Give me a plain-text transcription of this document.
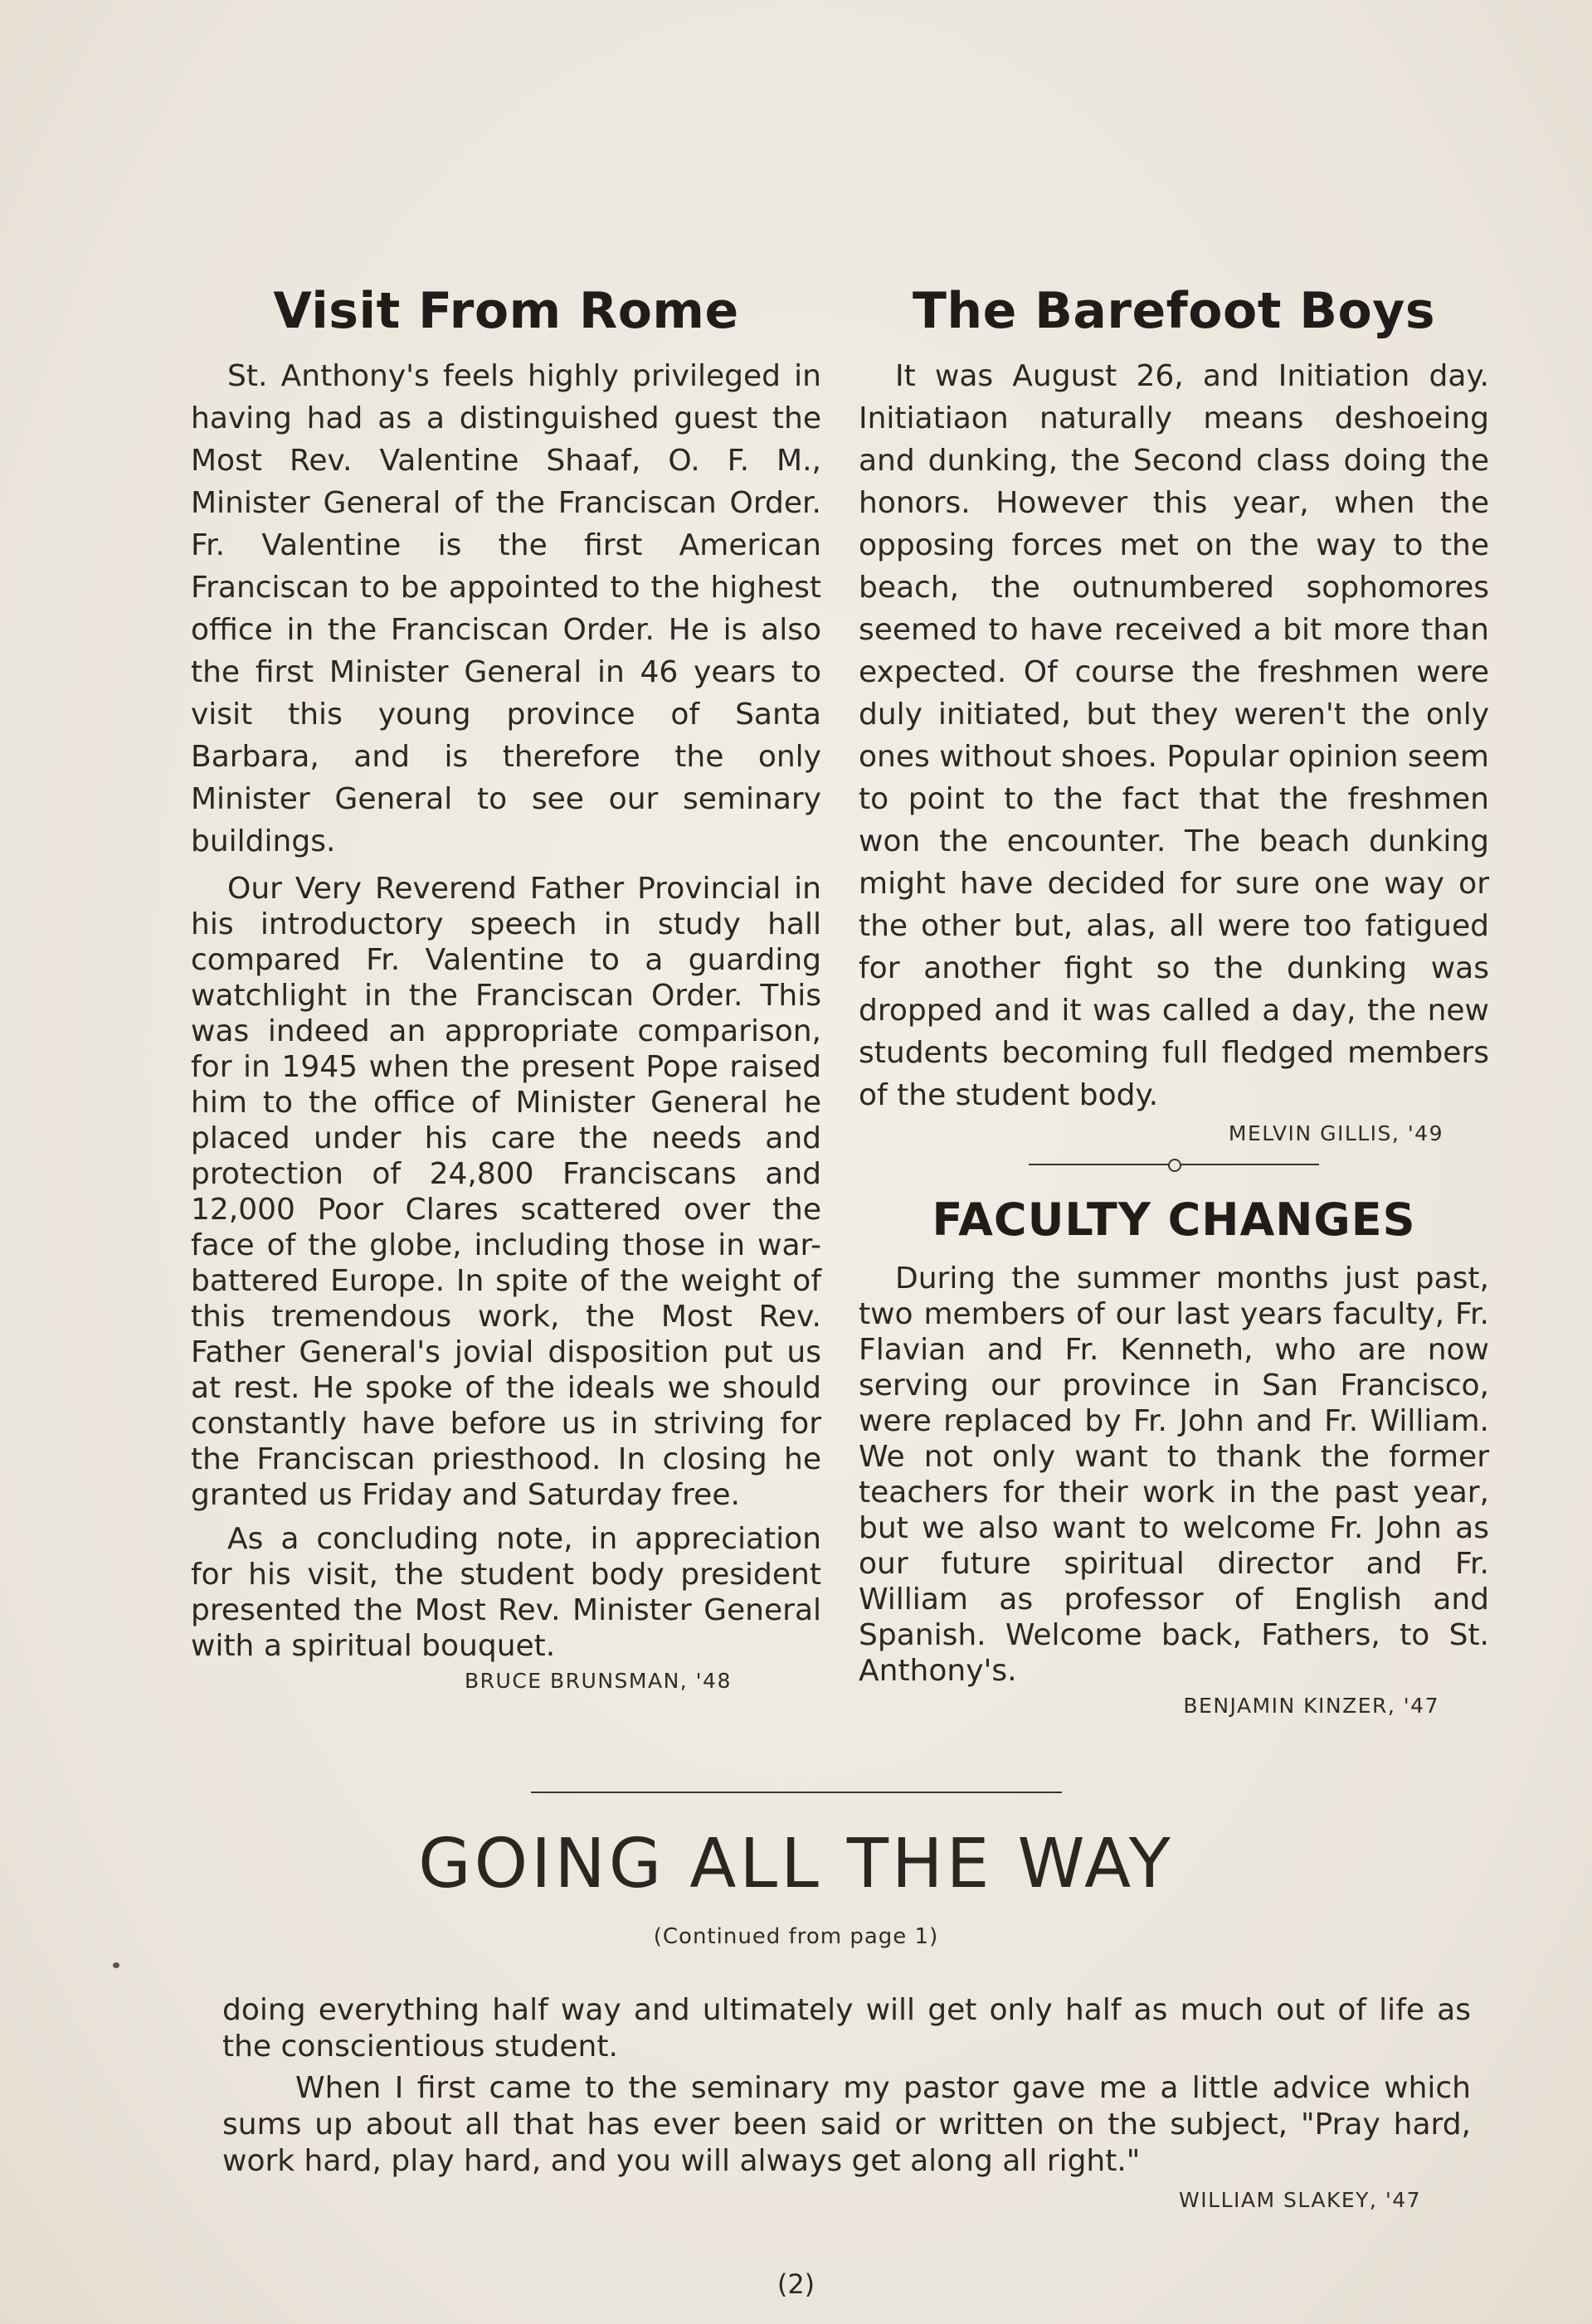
Visit From Rome

St. Anthony's feels highly privileged in having had as a distinguished guest the Most Rev. Valentine Shaaf, O. F. M., Minister General of the Franciscan Order. Fr. Valentine is the first American Franciscan to be appointed to the highest office in the Franciscan Order. He is also the first Minister General in 46 years to visit this young province of Santa Barbara, and is therefore the only Minister General to see our seminary buildings.

Our Very Reverend Father Provincial in his introductory speech in study hall compared Fr. Valentine to a guarding watchlight in the Franciscan Order. This was indeed an appropriate comparison, for in 1945 when the present Pope raised him to the office of Minister General he placed under his care the needs and protection of 24,800 Franciscans and 12,000 Poor Clares scattered over the face of the globe, including those in war-battered Europe. In spite of the weight of this tremendous work, the Most Rev. Father General's jovial disposition put us at rest. He spoke of the ideals we should constantly have before us in striving for the Franciscan priesthood. In closing he granted us Friday and Saturday free.

As a concluding note, in appreciation for his visit, the student body president presented the Most Rev. Minister General with a spiritual bouquet.

BRUCE BRUNSMAN, '48
The Barefoot Boys

It was August 26, and Initiation day. Initiatiaon naturally means deshoeing and dunking, the Second class doing the honors. However this year, when the opposing forces met on the way to the beach, the outnumbered sophomores seemed to have received a bit more than expected. Of course the freshmen were duly initiated, but they weren't the only ones without shoes. Popular opinion seem to point to the fact that the freshmen won the encounter. The beach dunking might have decided for sure one way or the other but, alas, all were too fatigued for another fight so the dunking was dropped and it was called a day, the new students becoming full fledged members of the student body.

MELVIN GILLIS, '49
FACULTY CHANGES

During the summer months just past, two members of our last years faculty, Fr. Flavian and Fr. Kenneth, who are now serving our province in San Francisco, were replaced by Fr. John and Fr. William. We not only want to thank the former teachers for their work in the past year, but we also want to welcome Fr. John as our future spiritual director and Fr. William as professor of English and Spanish. Welcome back, Fathers, to St. Anthony's.

BENJAMIN KINZER, '47
GOING ALL THE WAY
(Continued from page 1)

doing everything half way and ultimately will get only half as much out of life as the conscientious student.

When I first came to the seminary my pastor gave me a little advice which sums up about all that has ever been said or written on the subject, "Pray hard, work hard, play hard, and you will always get along all right."

WILLIAM SLAKEY, '47
(2)
